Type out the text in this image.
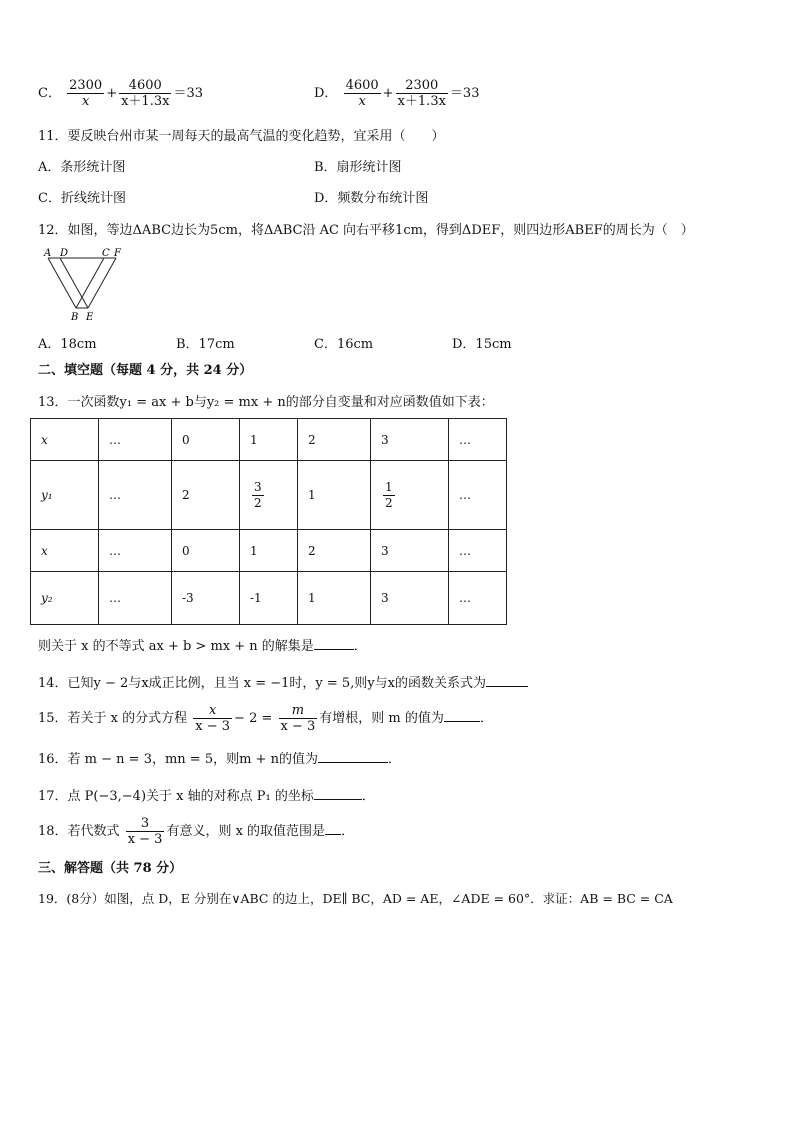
C． $\frac{2300}{x} + \frac{4600}{x+1.3x} =33$	D． $\frac{4600}{x} + \frac{2300}{x+1.3x} =33$
11．要反映台州市某一周每天的最高气温的变化趋势，宜采用（　　）
A．条形统计图	B．扇形统计图
C．折线统计图	D．频数分布统计图
12．如图，等边ΔABC边长为5cm，将ΔABC沿 AC 向右平移1cm，得到ΔDEF，则四边形ABEF的周长为（　）
A D	C F
B E
A．18cm	B．17cm	C．16cm	D．15cm
二、填空题（每题 4 分，共 24 分）
13．一次函数y₁ = ax + b与y₂ = mx + n的部分自变量和对应函数值如下表：
x	…	0	1	2	3	…
y₁	…	2	$\frac{3}{2}$	1	$\frac{1}{2}$	…
x	…	0	1	2	3	…
y₂	…	-3	-1	1	3	…
则关于 x 的不等式 ax + b > mx + n 的解集是	．
14．已知y − 2与x成正比例，且当 x = −1时，y = 5,则y与x的函数关系式为
15．若关于 x 的分式方程 $\frac{x}{x - 3} - 2 = \frac{m}{x - 3}$ 有增根，则 m 的值为	．
16．若 m − n = 3，mn = 5，则m + n的值为	．
17．点 P(−3,−4)关于 x 轴的对称点 P₁ 的坐标	．
18．若代数式 $\frac{3}{x - 3}$ 有意义，则 x 的取值范围是 ．
三、解答题（共 78 分）
19．(8分）如图，点 D，E 分别在∨ABC 的边上，DE∥ BC，AD = AE，∠ADE = 60°．求证：AB = BC = CA
